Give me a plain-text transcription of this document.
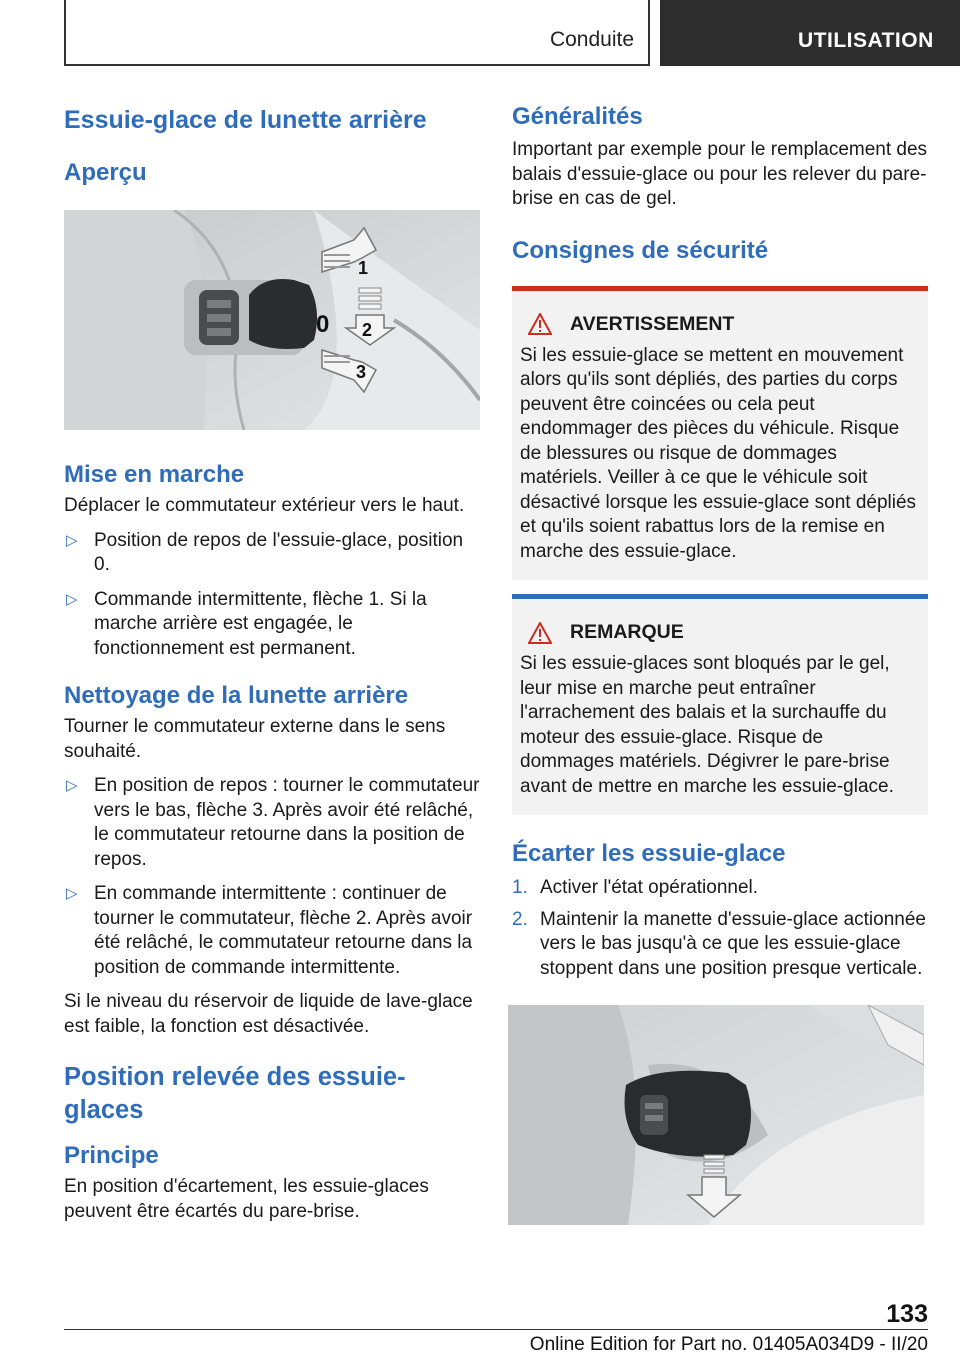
Conduite	UTILISATION
Essuie-glace de lunette arrière
Aperçu
1
0 2
3
Mise en marche

Déplacer le commutateur extérieur vers le haut.

▷ Position de repos de l'essuie-glace, position 0.
▷ Commande intermittente, flèche 1. Si la marche arrière est engagée, le fonctionnement est permanent.
Nettoyage de la lunette arrière

Tourner le commutateur externe dans le sens souhaité.

▷ En position de repos : tourner le commutateur vers le bas, flèche 3. Après avoir été relâché, le commutateur retourne dans la position de repos.
▷ En commande intermittente : continuer de tourner le commutateur, flèche 2. Après avoir été relâché, le commutateur retourne dans la position de commande intermittente.

Si le niveau du réservoir de liquide de lave-glace est faible, la fonction est désactivée.

Position relevée des essuie-glaces
Principe

En position d'écartement, les essuie-glaces peuvent être écartés du pare-brise.

Généralités

Important par exemple pour le remplacement des balais d'essuie-glace ou pour les relever du pare-brise en cas de gel.

Consignes de sécurité
AVERTISSEMENT

Si les essuie-glace se mettent en mouvement alors qu'ils sont dépliés, des parties du corps peuvent être coincées ou cela peut endommager des pièces du véhicule. Risque de blessures ou risque de dommages matériels. Veiller à ce que le véhicule soit désactivé lorsque les essuie-glace sont dépliés et qu'ils soient rabattus lors de la remise en marche des essuie-glace.

REMARQUE

Si les essuie-glaces sont bloqués par le gel, leur mise en marche peut entraîner l'arrachement des balais et la surchauffe du moteur des essuie-glace. Risque de dommages matériels. Dégivrer le pare-brise avant de mettre en marche les essuie-glace.

Écarter les essuie-glace
1. Activer l'état opérationnel.
2. Maintenir la manette d'essuie-glace actionnée vers le bas jusqu'à ce que les essuie-glace stoppent dans une position presque verticale.
133
Online Edition for Part no. 01405A034D9 - II/20
